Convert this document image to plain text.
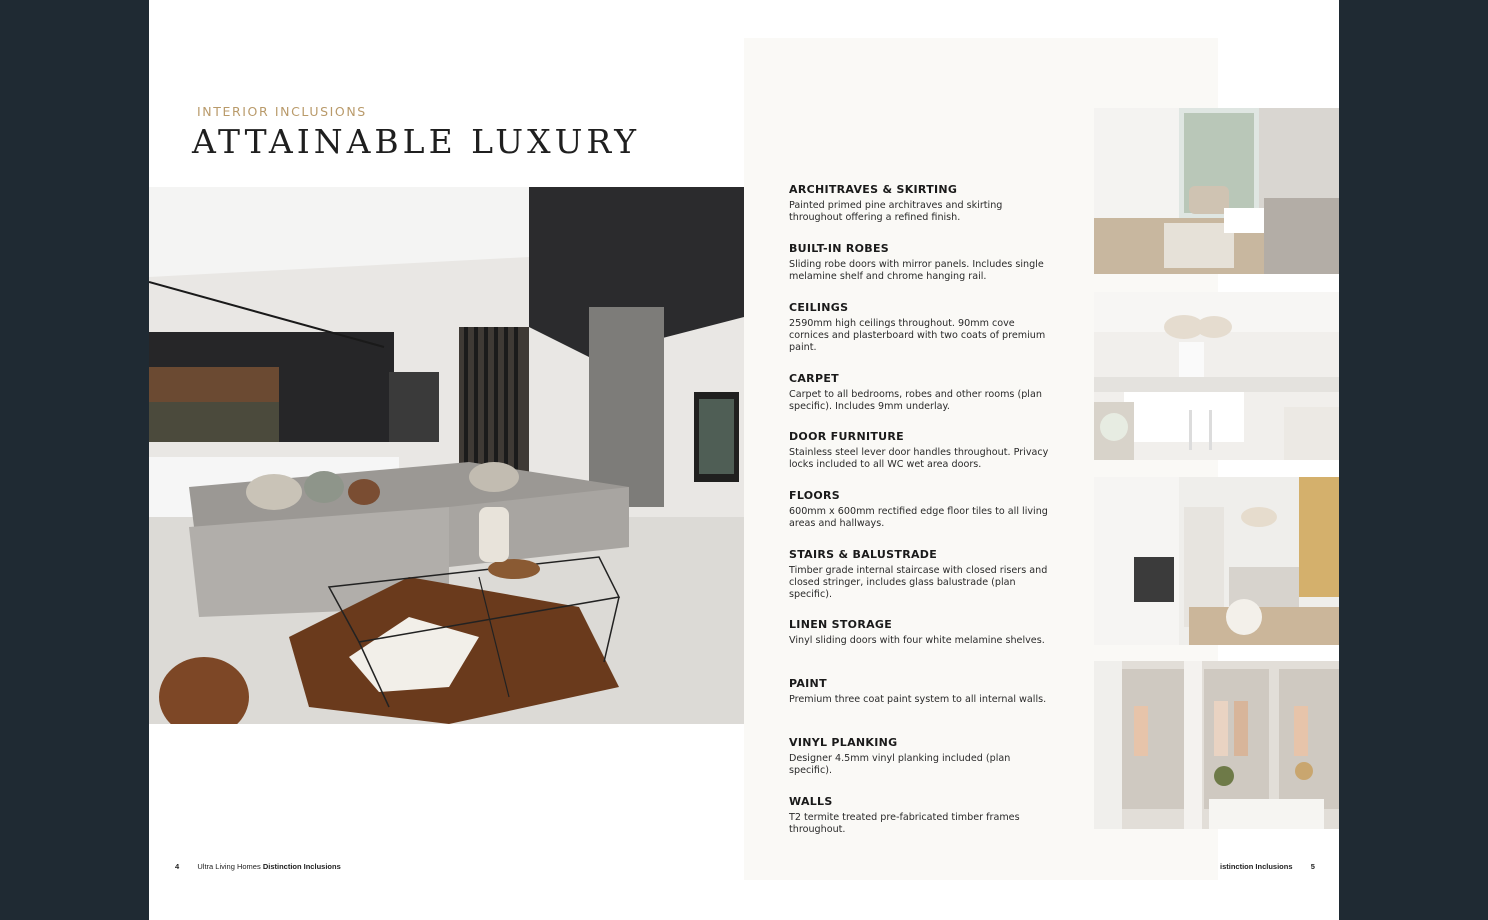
INTERIOR INCLUSIONS
ATTAINABLE LUXURY
ARCHITRAVES & SKIRTING

Painted primed pine architraves and skirting throughout offering a refined finish.

BUILT-IN ROBES

Sliding robe doors with mirror panels. Includes single melamine shelf and chrome hanging rail.

CEILINGS

2590mm high ceilings throughout. 90mm cove cornices and plasterboard with two coats of premium paint.

CARPET

Carpet to all bedrooms, robes and other rooms (plan specific). Includes 9mm underlay.

DOOR FURNITURE

Stainless steel lever door handles throughout. Privacy locks included to all WC wet area doors.

FLOORS

600mm x 600mm rectified edge floor tiles to all living areas and hallways.

STAIRS & BALUSTRADE

Timber grade internal staircase with closed risers and closed stringer, includes glass balustrade (plan specific).

LINEN STORAGE

Vinyl sliding doors with four white melamine shelves.

PAINT

Premium three coat paint system to all internal walls.

VINYL PLANKING

Designer 4.5mm vinyl planking included (plan specific).

WALLS

T2 termite treated pre-fabricated timber frames throughout.

4 Ultra Living Homes Distinction Inclusions	istinction Inclusions 5
